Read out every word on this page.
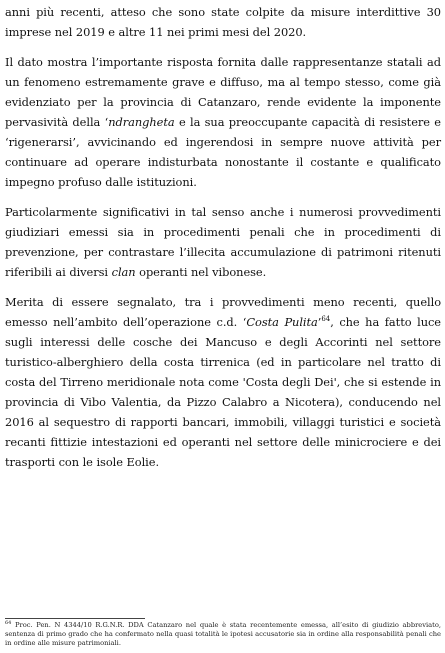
anni più recenti, atteso che sono state colpite da misure interdittive 30 imprese nel 2019 e altre 11 nei primi mesi del 2020.

Il dato mostra l’importante risposta fornita dalle rappresentanze statali ad un fenomeno estremamente grave e diffuso, ma al tempo stesso, come già evidenziato per la provincia di Catanzaro, rende evidente la imponente pervasività della ‘ndrangheta e la sua preoccupante capacità di resistere e ‘rigenerarsi’, avvicinando ed ingerendosi in sempre nuove attività per continuare ad operare indisturbata nonostante il costante e qualificato impegno profuso dalle istituzioni.

Particolarmente significativi in tal senso anche i numerosi provvedimenti giudiziari emessi sia in procedimenti penali che in procedimenti di prevenzione, per contrastare l’illecita accumulazione di patrimoni ritenuti riferibili ai diversi clan operanti nel vibonese.

Merita di essere segnalato, tra i provvedimenti meno recenti, quello emesso nell’ambito dell’operazione c.d. ‘Costa Pulita’$^{64}$, che ha fatto luce sugli interessi delle cosche dei Mancuso e degli Accorinti nel settore turistico-alberghiero della costa tirrenica (ed in particolare nel tratto di costa del Tirreno meridionale nota come 'Costa degli Dei', che si estende in provincia di Vibo Valentia, da Pizzo Calabro a Nicotera), conducendo nel 2016 al sequestro di rapporti bancari, immobili, villaggi turistici e società recanti fittizie intestazioni ed operanti nel settore delle minicrociere e dei trasporti con le isole Eolie.

$^{64}$ Proc. Pen. N 4344/10 R.G.N.R. DDA Catanzaro nel quale è stata recentemente emessa, all’esito di giudizio abbreviato, sentenza di primo grado che ha confermato nella quasi totalità le ipotesi accusatorie sia in ordine alla responsabilità penali che in ordine alle misure patrimoniali.
